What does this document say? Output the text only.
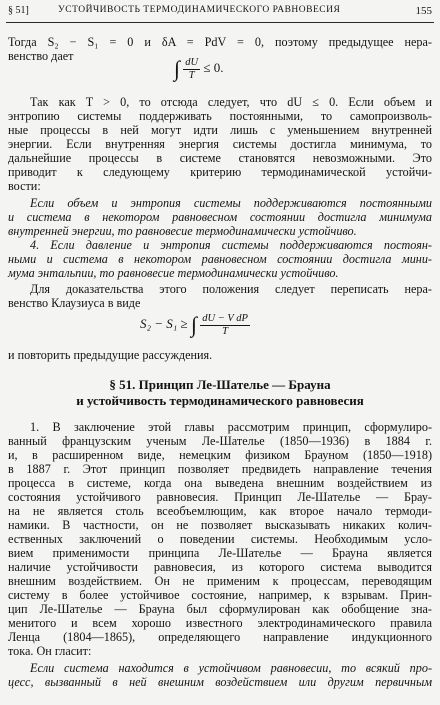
§ 51]	УСТОЙЧИВОСТЬ ТЕРМОДИНАМИЧЕСКОГО РАВНОВЕСИЯ	155
Тогда S₂ − S₁ = 0 и δA = PdV = 0, поэтому предыдущее нера-
венство дает	∫ $\frac{dU}{T} \le 0$.
Так как T > 0, то отсюда следует, что dU ≤ 0. Если объем и
энтропию системы поддерживать постоянными, то самопроизволь-
ные процессы в ней могут идти лишь с уменьшением внутренней
энергии. Если внутренняя энергия системы достигла минимума, то
дальнейшие процессы в системе становятся невозможными. Это
приводит к следующему критерию термодинамической устойчи-
вости:
Если объем и энтропия системы поддерживаются постоянными
и система в некотором равновесном состоянии достигла минимума
внутренней энергии, то равновесие термодинамически устойчиво.
4. Если давление и энтропия системы поддерживаются постоян-
ными и система в некотором равновесном состоянии достигла мини-
мума энтальпии, то равновесие термодинамически устойчиво.
Для доказательства этого положения следует переписать нера-
венство Клаузиуса в виде
S₂ − S₁ ≥ ∫ $\frac{\text{dU − V dP}}{T}$
и повторить предыдущие рассуждения.
§ 51. Принцип Ле-Шателье — Брауна
и устойчивость термодинамического равновесия
1. В заключение этой главы рассмотрим принцип, сформулиро-
ванный французским ученым Ле-Шателье (1850—1936) в 1884 г.
и, в расширенном виде, немецким физиком Брауном (1850—1918)
в 1887 г. Этот принцип позволяет предвидеть направление течения
процесса в системе, когда она выведена внешним воздействием из
состояния устойчивого равновесия. Принцип Ле-Шателье — Брау-
на не является столь всеобъемлющим, как второе начало термоди-
намики. В частности, он не позволяет высказывать никаких колич-
ественных заключений о поведении системы. Необходимым усло-
вием применимости принципа Ле-Шателье — Брауна является
наличие устойчивости равновесия, из которого система выводится
внешним воздействием. Он не применим к процессам, переводящим
систему в более устойчивое состояние, например, к взрывам. Прин-
цип Ле-Шателье — Брауна был сформулирован как обобщение зна-
менитого и всем хорошо известного электродинамического правила
Ленца (1804—1865), определяющего направление индукционного
тока. Он гласит:
Если система находится в устойчивом равновесии, то всякий про-
цесс, вызванный в ней внешним воздействием или другим первичным
